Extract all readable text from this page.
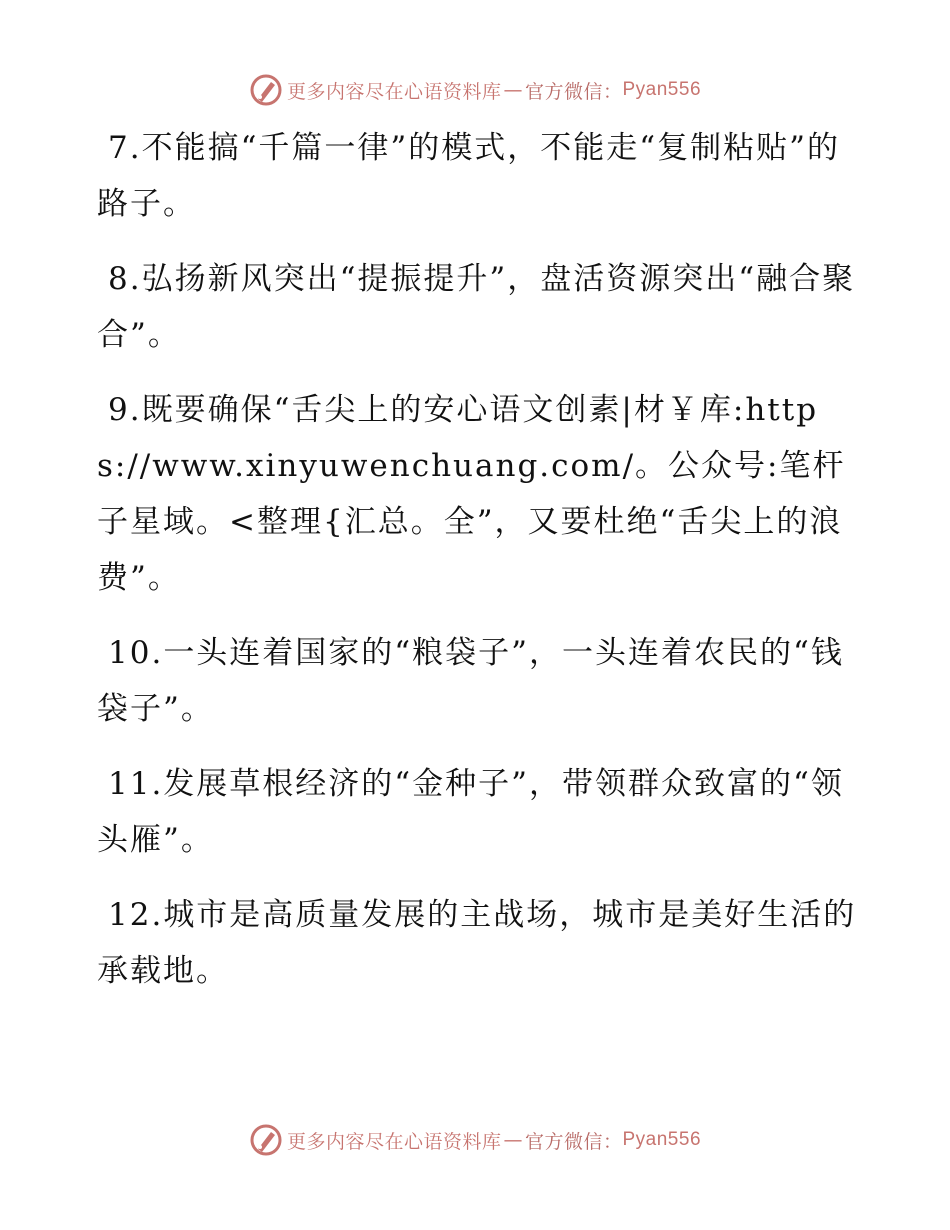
更多内容尽在心语资料库 — 官方微信： Pyan556

7.不能搞“千篇一律”的模式，不能走“复制粘贴”的路子。

8.弘扬新风突出“提振提升”，盘活资源突出“融合聚合”。

9.既要确保“舌尖上的安心语文创素|材￥库:https://www.xinyuwenchuang.com/。公众号:笔杆子星域。<整理{汇总。全”，又要杜绝“舌尖上的浪费”。

10.一头连着国家的“粮袋子”，一头连着农民的“钱袋子”。

11.发展草根经济的“金种子”，带领群众致富的“领头雁”。

12.城市是高质量发展的主战场，城市是美好生活的承载地。

更多内容尽在心语资料库 — 官方微信： Pyan556
